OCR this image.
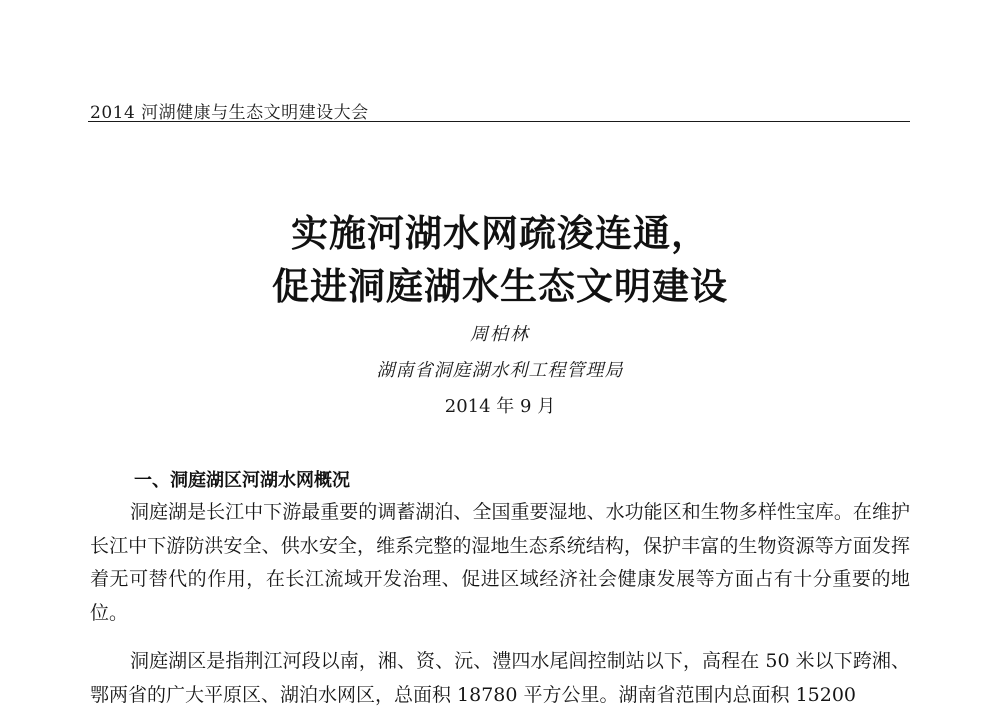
2014 河湖健康与生态文明建设大会
实施河湖水网疏浚连通，
促进洞庭湖水生态文明建设
周柏林
湖南省洞庭湖水利工程管理局
2014 年 9 月
一、洞庭湖区河湖水网概况

洞庭湖是长江中下游最重要的调蓄湖泊、全国重要湿地、水功能区和生物多样性宝库。在维护长江中下游防洪安全、供水安全，维系完整的湿地生态系统结构，保护丰富的生物资源等方面发挥着无可替代的作用，在长江流域开发治理、促进区域经济社会健康发展等方面占有十分重要的地位。

洞庭湖区是指荆江河段以南，湘、资、沅、澧四水尾闾控制站以下，高程在 50 米以下跨湘、鄂两省的广大平原区、湖泊水网区，总面积 18780 平方公里。湖南省范围内总面积 15200
